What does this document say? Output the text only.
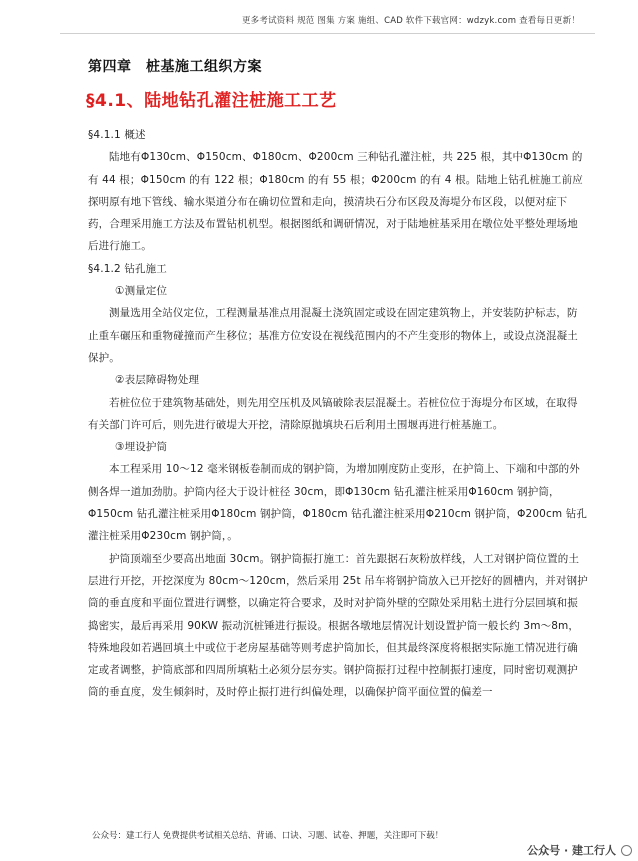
更多考试资料 规范 图集 方案 施组、CAD 软件下载官网：wdzyk.com 查看每日更新！
第四章　桩基施工组织方案
§4.1、陆地钻孔灌注桩施工工艺

§4.1.1 概述

陆地有Φ130cm、Φ150cm、Φ180cm、Φ200cm 三种钻孔灌注桩，共 225 根，其中Φ130cm 的有 44 根；Φ150cm 的有 122 根；Φ180cm 的有 55 根；Φ200cm 的有 4 根。陆地上钻孔桩施工前应探明原有地下管线、输水渠道分布在确切位置和走向，摸清块石分布区段及海堤分布区段，以便对症下药，合理采用施工方法及布置钻机机型。根据图纸和调研情况，对于陆地桩基采用在墩位处平整处理场地后进行施工。

§4.1.2 钻孔施工

①测量定位

测量选用全站仪定位，工程测量基准点用混凝土浇筑固定或设在固定建筑物上，并安装防护标志，防止重车碾压和重物碰撞而产生移位；基准方位安设在视线范围内的不产生变形的物体上，或设点浇混凝土保护。

②表层障碍物处理

若桩位位于建筑物基础处，则先用空压机及风镐破除表层混凝土。若桩位位于海堤分布区域，在取得有关部门许可后，则先进行破堤大开挖，清除原抛填块石后利用土围堰再进行桩基施工。

③埋设护筒

本工程采用 10～12 毫米钢板卷制而成的钢护筒，为增加刚度防止变形，在护筒上、下端和中部的外侧各焊一道加劲肋。护筒内径大于设计桩径 30cm，即Φ130cm 钻孔灌注桩采用Φ160cm 钢护筒，Φ150cm 钻孔灌注桩采用Φ180cm 钢护筒，Φ180cm 钻孔灌注桩采用Φ210cm 钢护筒，Φ200cm 钻孔灌注桩采用Φ230cm 钢护筒，。

护筒顶端至少要高出地面 30cm。钢护筒振打施工：首先跟据石灰粉放样线，人工对钢护筒位置的土层进行开挖，开挖深度为 80cm～120cm，然后采用 25t 吊车将钢护筒放入已开挖好的圆槽内，并对钢护筒的垂直度和平面位置进行调整，以确定符合要求，及时对护筒外壁的空隙处采用粘土进行分层回填和振捣密实，最后再采用 90KW 振动沉桩锤进行振设。根据各墩地层情况计划设置护筒一般长约 3m～8m，特殊地段如若遇回填土中或位于老房屋基础等则考虑护筒加长，但其最终深度将根据实际施工情况进行确定或者调整，护筒底部和四周所填粘土必须分层夯实。钢护筒振打过程中控制振打速度，同时密切观测护筒的垂直度，发生倾斜时，及时停止振打进行纠偏处理，以确保护筒平面位置的偏差一

公众号：建工行人 免费提供考试相关总结、背诵、口诀、习题、试卷、押题，关注即可下载！
公众号 · 建工行人
